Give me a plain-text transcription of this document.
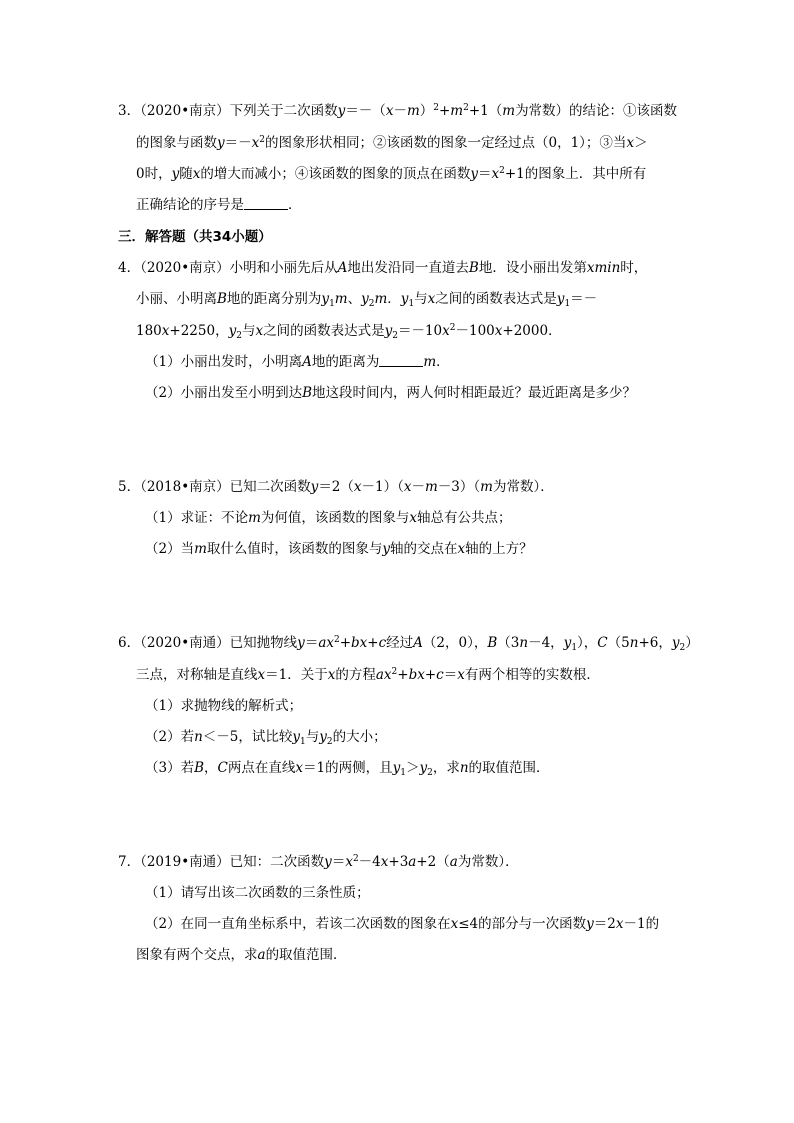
3．（2020•南京）下列关于二次函数$y=-(x-m)^2+m^2+1(m$为常数）的结论：①该函数
的图象与函数$y=-x^2$的图象形状相同；②该函数的图象一定经过点（0，1）；③当x＞
0时，y随x的增大而减小；④该函数的图象的顶点在函数$y=x^2+1$的图象上．其中所有
正确结论的序号是	．
三．解答题（共34小题）
4．（2020•南京）小明和小丽先后从A地出发沿同一直道去B地．设小丽出发第xmin时，
小丽、小明离B地的距离分别为$y_1m$、$y_2m$．$y_1$与x之间的函数表达式是$y_1=-$
180x+2250，$y_2$与x之间的函数表达式是$y_2=-10x^2-100x+2000$．
（1）小丽出发时，小明离A地的距离为	m．
（2）小丽出发至小明到达B地这段时间内，两人何时相距最近？最近距离是多少？
5．（2018•南京）已知二次函数y＝2（x－1）（x－m－3）（m为常数）．
（1）求证：不论m为何值，该函数的图象与x轴总有公共点；
（2）当m取什么值时，该函数的图象与y轴的交点在x轴的上方？
6．（2020•南通）已知抛物线$y=ax^2+bx+c$经过A（2，0），B（3n－4，$y_1$），C（5n+6，$y_2$）
三点，对称轴是直线x＝1．关于x的方程$ax^2+bx+c=x$有两个相等的实数根．
（1）求抛物线的解析式；
（2）若n＜－5，试比较$y_1$与$y_2$的大小；
（3）若B，C两点在直线x＝1的两侧，且$y_1>y_2$，求n的取值范围．
7．（2019•南通）已知：二次函数$y=x^2-4x+3a+2(a$为常数）．
（1）请写出该二次函数的三条性质；
（2）在同一直角坐标系中，若该二次函数的图象在x≤4的部分与一次函数y＝2x－1的
图象有两个交点，求a的取值范围．
